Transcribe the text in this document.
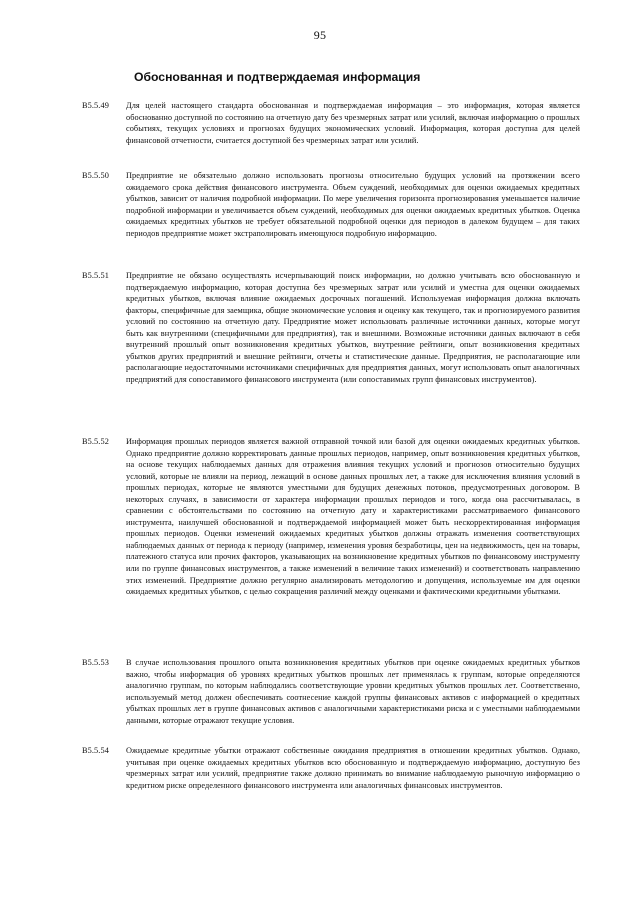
95
Обоснованная и подтверждаемая информация
B5.5.49	Для целей настоящего стандарта обоснованная и подтверждаемая информация – это информация, которая является обоснованно доступной по состоянию на отчетную дату без чрезмерных затрат или усилий, включая информацию о прошлых событиях, текущих условиях и прогнозах будущих экономических условий. Информация, которая доступна для целей финансовой отчетности, считается доступной без чрезмерных затрат или усилий.
B5.5.50	Предприятие не обязательно должно использовать прогнозы относительно будущих условий на протяжении всего ожидаемого срока действия финансового инструмента. Объем суждений, необходимых для оценки ожидаемых кредитных убытков, зависит от наличия подробной информации. По мере увеличения горизонта прогнозирования уменьшается наличие подробной информации и увеличивается объем суждений, необходимых для оценки ожидаемых кредитных убытков. Оценка ожидаемых кредитных убытков не требует обязательной подробной оценки для периодов в далеком будущем – для таких периодов предприятие может экстраполировать имеющуюся подробную информацию.
B5.5.51	Предприятие не обязано осуществлять исчерпывающий поиск информации, но должно учитывать всю обоснованную и подтверждаемую информацию, которая доступна без чрезмерных затрат или усилий и уместна для оценки ожидаемых кредитных убытков, включая влияние ожидаемых досрочных погашений. Используемая информация должна включать факторы, специфичные для заемщика, общие экономические условия и оценку как текущего, так и прогнозируемого развития условий по состоянию на отчетную дату. Предприятие может использовать различные источники данных, которые могут быть как внутренними (специфичными для предприятия), так и внешними. Возможные источники данных включают в себя внутренний прошлый опыт возникновения кредитных убытков, внутренние рейтинги, опыт возникновения кредитных убытков других предприятий и внешние рейтинги, отчеты и статистические данные. Предприятия, не располагающие или располагающие недостаточными источниками специфичных для предприятия данных, могут использовать опыт аналогичных предприятий для сопоставимого финансового инструмента (или сопоставимых групп финансовых инструментов).
B5.5.52	Информация прошлых периодов является важной отправной точкой или базой для оценки ожидаемых кредитных убытков. Однако предприятие должно корректировать данные прошлых периодов, например, опыт возникновения кредитных убытков, на основе текущих наблюдаемых данных для отражения влияния текущих условий и прогнозов относительно будущих условий, которые не влияли на период, лежащий в основе данных прошлых лет, а также для исключения влияния условий в прошлых периодах, которые не являются уместными для будущих денежных потоков, предусмотренных договором. В некоторых случаях, в зависимости от характера информации прошлых периодов и того, когда она рассчитывалась, в сравнении с обстоятельствами по состоянию на отчетную дату и характеристиками рассматриваемого финансового инструмента, наилучшей обоснованной и подтверждаемой информацией может быть нескорректированная информация прошлых периодов. Оценки изменений ожидаемых кредитных убытков должны отражать изменения соответствующих наблюдаемых данных от периода к периоду (например, изменения уровня безработицы, цен на недвижимость, цен на товары, платежного статуса или прочих факторов, указывающих на возникновение кредитных убытков по финансовому инструменту или по группе финансовых инструментов, а также изменений в величине таких изменений) и соответствовать направлению этих изменений. Предприятие должно регулярно анализировать методологию и допущения, используемые им для оценки ожидаемых кредитных убытков, с целью сокращения различий между оценками и фактическими кредитными убытками.
B5.5.53	В случае использования прошлого опыта возникновения кредитных убытков при оценке ожидаемых кредитных убытков важно, чтобы информация об уровнях кредитных убытков прошлых лет применялась к группам, которые определяются аналогично группам, по которым наблюдались соответствующие уровни кредитных убытков прошлых лет. Соответственно, используемый метод должен обеспечивать соотнесение каждой группы финансовых активов с информацией о кредитных убытках прошлых лет в группе финансовых активов с аналогичными характеристиками риска и с уместными наблюдаемыми данными, которые отражают текущие условия.
B5.5.54	Ожидаемые кредитные убытки отражают собственные ожидания предприятия в отношении кредитных убытков. Однако, учитывая при оценке ожидаемых кредитных убытков всю обоснованную и подтверждаемую информацию, доступную без чрезмерных затрат или усилий, предприятие также должно принимать во внимание наблюдаемую рыночную информацию о кредитном риске определенного финансового инструмента или аналогичных финансовых инструментов.
